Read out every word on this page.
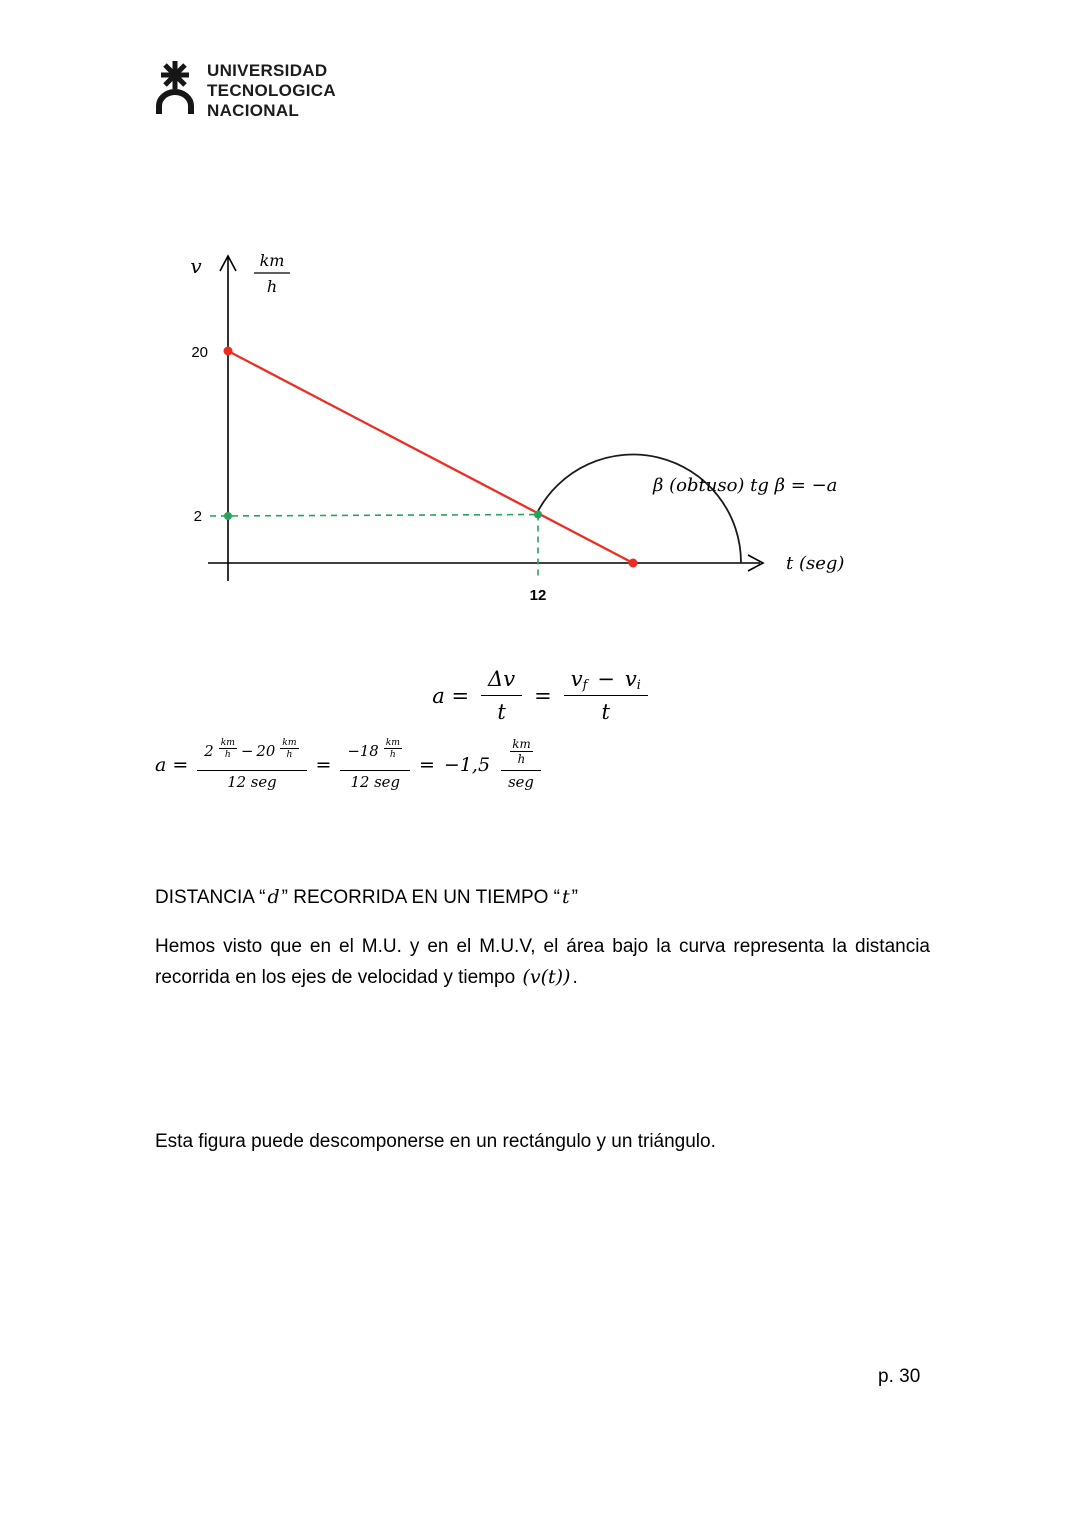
UNIVERSIDAD
TECNOLOGICA
NACIONAL
v	km
h
20
2
12
β (obtuso) tg β = −a
t (seg)
$a = \frac{\Delta v}{t} = \frac{v_f - v_i}{t}$
a =
2
km
h − 20
km
h
12 seg
= −18
km
h
12 seg = −1,5 km
h
seg
DISTANCIA “ d ” RECORRIDA EN UN TIEMPO “ t ”

Hemos visto que en el M.U. y en el M.U.V, el área bajo la curva representa la distancia recorrida en los ejes de velocidad y tiempo (v(t)) .

Esta figura puede descomponerse en un rectángulo y un triángulo.

p. 30
